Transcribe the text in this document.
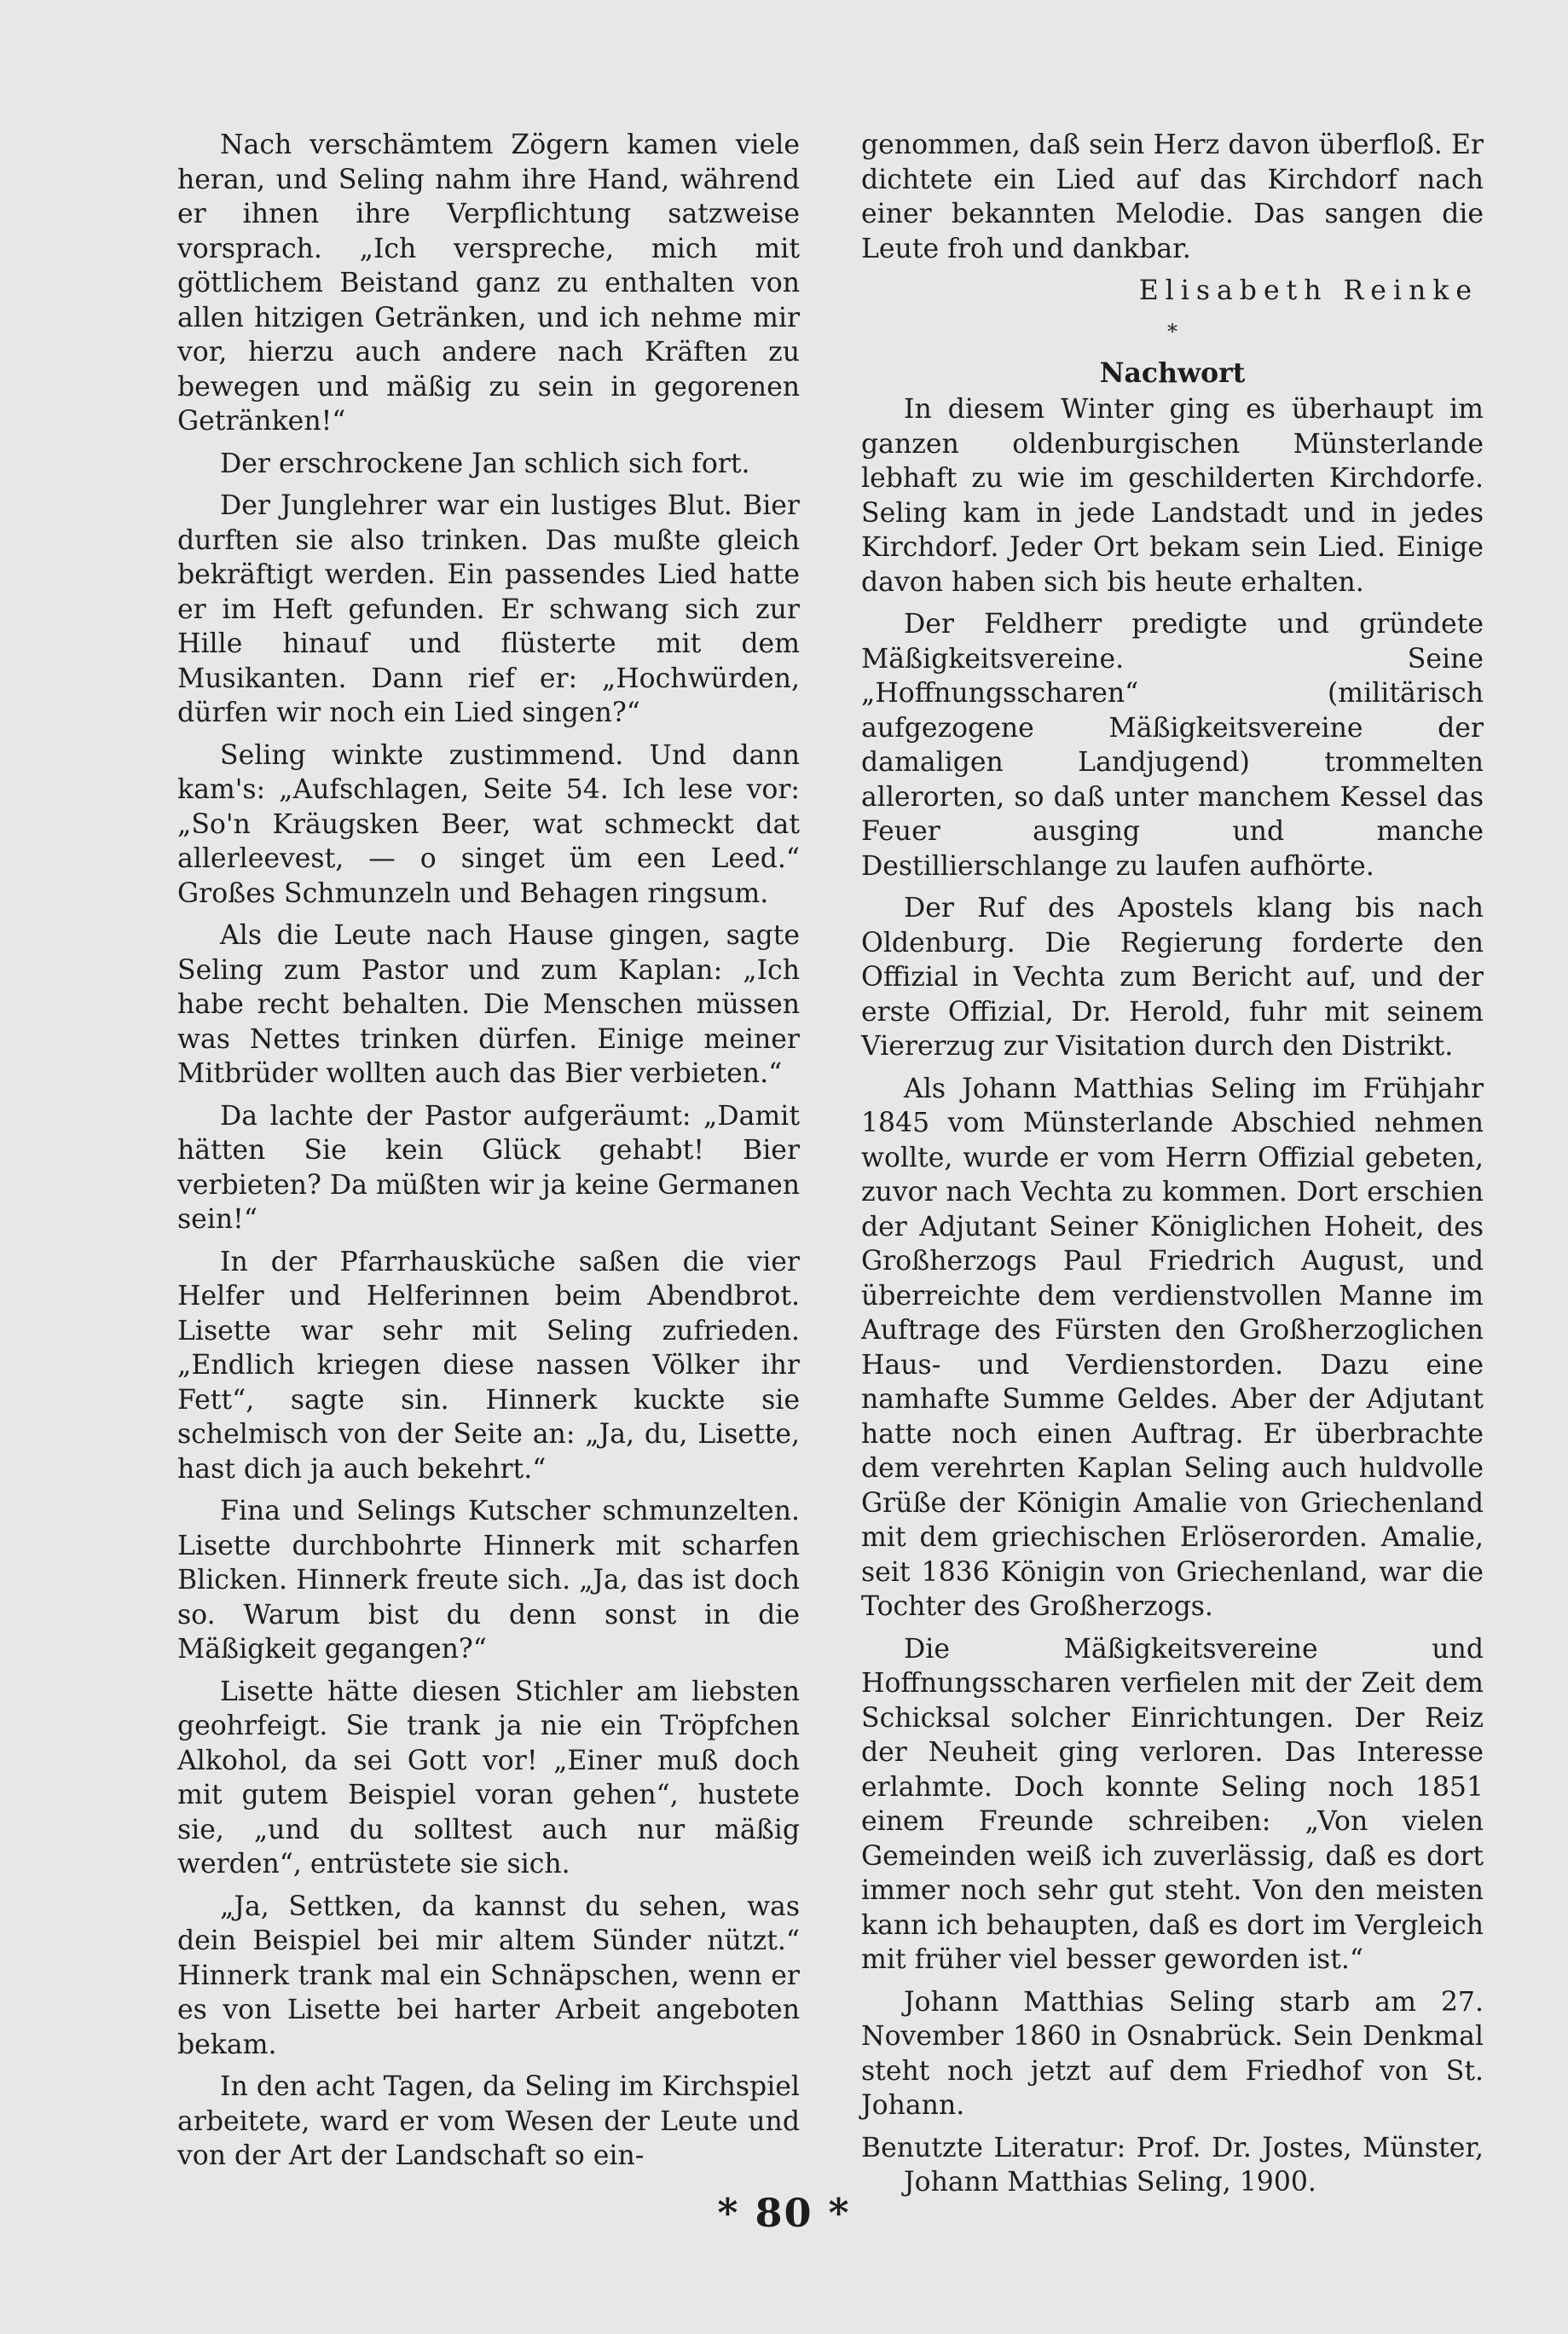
Nach verschämtem Zögern kamen viele heran, und Seling nahm ihre Hand, während er ihnen ihre Verpflichtung satzweise vorsprach. „Ich verspreche, mich mit göttlichem Beistand ganz zu enthalten von allen hitzigen Getränken, und ich nehme mir vor, hierzu auch andere nach Kräften zu bewegen und mäßig zu sein in gegorenen Getränken!“

Der erschrockene Jan schlich sich fort.

Der Junglehrer war ein lustiges Blut. Bier durften sie also trinken. Das mußte gleich bekräftigt werden. Ein passendes Lied hatte er im Heft gefunden. Er schwang sich zur Hille hinauf und flüsterte mit dem Musikanten. Dann rief er: „Hochwürden, dürfen wir noch ein Lied singen?“

Seling winkte zustimmend. Und dann kam's: „Aufschlagen, Seite 54. Ich lese vor: „So'n Kräugsken Beer, wat schmeckt dat allerleevest, — o singet üm een Leed.“ Großes Schmunzeln und Behagen ringsum.

Als die Leute nach Hause gingen, sagte Seling zum Pastor und zum Kaplan: „Ich habe recht behalten. Die Menschen müssen was Nettes trinken dürfen. Einige meiner Mitbrüder wollten auch das Bier verbieten.“

Da lachte der Pastor aufgeräumt: „Damit hätten Sie kein Glück gehabt! Bier verbieten? Da müßten wir ja keine Germanen sein!“

In der Pfarrhausküche saßen die vier Helfer und Helferinnen beim Abendbrot. Lisette war sehr mit Seling zufrieden. „Endlich kriegen diese nassen Völker ihr Fett“, sagte sin. Hinnerk kuckte sie schelmisch von der Seite an: „Ja, du, Lisette, hast dich ja auch bekehrt.“

Fina und Selings Kutscher schmunzelten. Lisette durchbohrte Hinnerk mit scharfen Blicken. Hinnerk freute sich. „Ja, das ist doch so. Warum bist du denn sonst in die Mäßigkeit gegangen?“

Lisette hätte diesen Stichler am liebsten geohrfeigt. Sie trank ja nie ein Tröpfchen Alkohol, da sei Gott vor! „Einer muß doch mit gutem Beispiel voran gehen“, hustete sie, „und du solltest auch nur mäßig werden“, entrüstete sie sich.

„Ja, Settken, da kannst du sehen, was dein Beispiel bei mir altem Sünder nützt.“ Hinnerk trank mal ein Schnäpschen, wenn er es von Lisette bei harter Arbeit angeboten bekam.

In den acht Tagen, da Seling im Kirchspiel arbeitete, ward er vom Wesen der Leute und von der Art der Landschaft so ein-

genommen, daß sein Herz davon überfloß. Er dichtete ein Lied auf das Kirchdorf nach einer bekannten Melodie. Das sangen die Leute froh und dankbar.

Elisabeth Reinke
*
Nachwort

In diesem Winter ging es überhaupt im ganzen oldenburgischen Münsterlande lebhaft zu wie im geschilderten Kirchdorfe. Seling kam in jede Landstadt und in jedes Kirchdorf. Jeder Ort bekam sein Lied. Einige davon haben sich bis heute erhalten.

Der Feldherr predigte und gründete Mäßigkeitsvereine. Seine „Hoffnungsscharen“ (militärisch aufgezogene Mäßigkeitsvereine der damaligen Landjugend) trommelten allerorten, so daß unter manchem Kessel das Feuer ausging und manche Destillierschlange zu laufen aufhörte.

Der Ruf des Apostels klang bis nach Oldenburg. Die Regierung forderte den Offizial in Vechta zum Bericht auf, und der erste Offizial, Dr. Herold, fuhr mit seinem Viererzug zur Visitation durch den Distrikt.

Als Johann Matthias Seling im Frühjahr 1845 vom Münsterlande Abschied nehmen wollte, wurde er vom Herrn Offizial gebeten, zuvor nach Vechta zu kommen. Dort erschien der Adjutant Seiner Königlichen Hoheit, des Großherzogs Paul Friedrich August, und überreichte dem verdienstvollen Manne im Auftrage des Fürsten den Großherzoglichen Haus- und Verdienstorden. Dazu eine namhafte Summe Geldes. Aber der Adjutant hatte noch einen Auftrag. Er überbrachte dem verehrten Kaplan Seling auch huldvolle Grüße der Königin Amalie von Griechenland mit dem griechischen Erlöserorden. Amalie, seit 1836 Königin von Griechenland, war die Tochter des Großherzogs.

Die Mäßigkeitsvereine und Hoffnungsscharen verfielen mit der Zeit dem Schicksal solcher Einrichtungen. Der Reiz der Neuheit ging verloren. Das Interesse erlahmte. Doch konnte Seling noch 1851 einem Freunde schreiben: „Von vielen Gemeinden weiß ich zuverlässig, daß es dort immer noch sehr gut steht. Von den meisten kann ich behaupten, daß es dort im Vergleich mit früher viel besser geworden ist.“

Johann Matthias Seling starb am 27. November 1860 in Osnabrück. Sein Denkmal steht noch jetzt auf dem Friedhof von St. Johann.

Benutzte Literatur: Prof. Dr. Jostes, Münster, Johann Matthias Seling, 1900.

* 80 *
